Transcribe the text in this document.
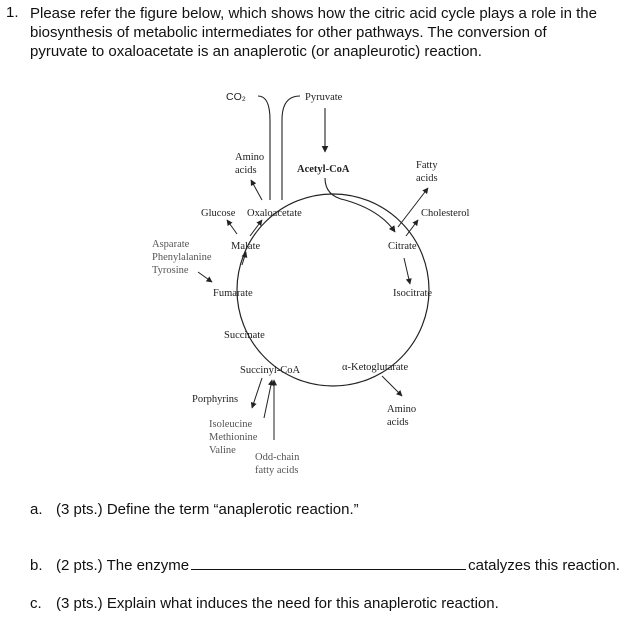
1. Please refer the figure below, which shows how the citric acid cycle plays a role in the
biosynthesis of metabolic intermediates for other pathways. The conversion of
pyruvate to oxaloacetate is an anaplerotic (or anapleurotic) reaction.
CO₂	Pyruvate
Amino
acids	Acetyl-CoA	Fatty
acids
Glucose Oxaloacetate	Cholesterol
Asparate
Phenylalanine
Tyrosine
Malate	Citrate
Fumarate	Isocitrate
Succinate
Succinyl-CoA	α-Ketoglutarate
Porphyrins
Amino
acids
Isoleucine
Methionine
Valine
Odd-chain
fatty acids
a. (3 pts.) Define the term “anaplerotic reaction.”
b. (2 pts.) The enzyme	catalyzes this reaction.
c. (3 pts.) Explain what induces the need for this anaplerotic reaction.
